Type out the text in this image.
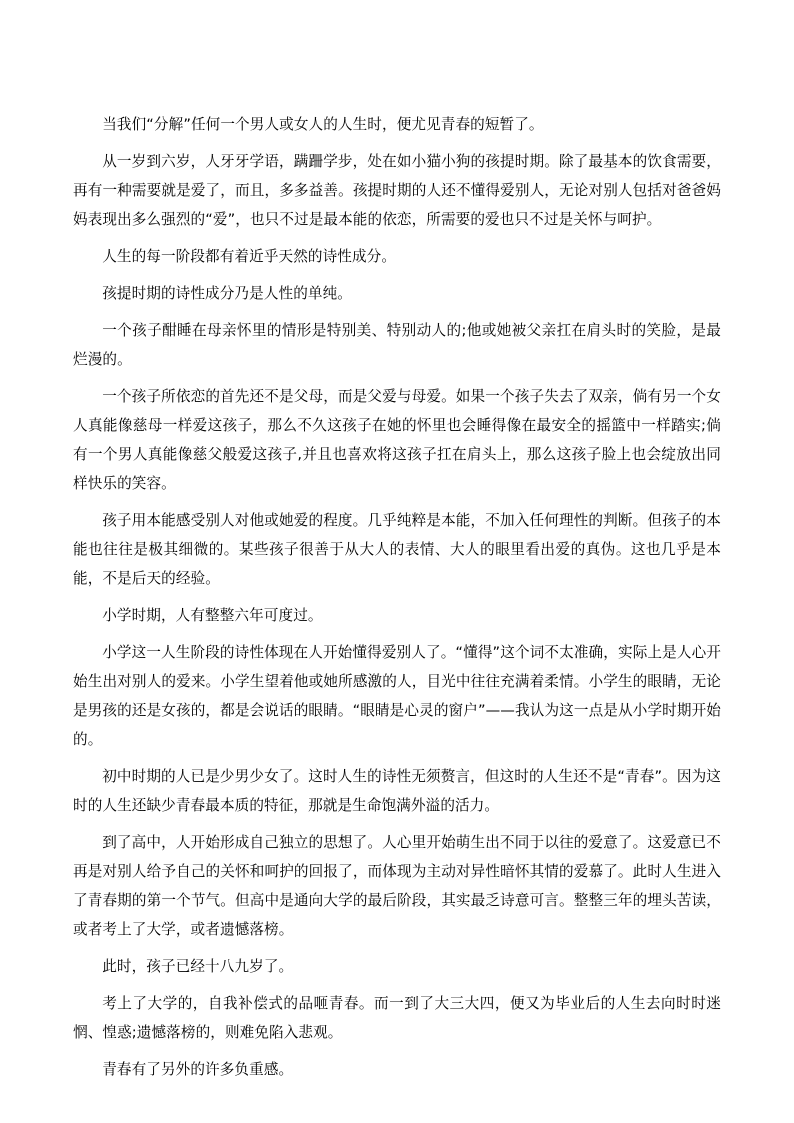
当我们“分解”任何一个男人或女人的人生时，便尤见青春的短暂了。

从一岁到六岁，人牙牙学语，蹒跚学步，处在如小猫小狗的孩提时期。除了最基本的饮食需要，再有一种需要就是爱了，而且，多多益善。孩提时期的人还不懂得爱别人，无论对别人包括对爸爸妈妈表现出多么强烈的“爱”，也只不过是最本能的依恋，所需要的爱也只不过是关怀与呵护。

人生的每一阶段都有着近乎天然的诗性成分。

孩提时期的诗性成分乃是人性的单纯。

一个孩子酣睡在母亲怀里的情形是特别美、特别动人的;他或她被父亲扛在肩头时的笑脸，是最烂漫的。

一个孩子所依恋的首先还不是父母，而是父爱与母爱。如果一个孩子失去了双亲，倘有另一个女人真能像慈母一样爱这孩子，那么不久这孩子在她的怀里也会睡得像在最安全的摇篮中一样踏实;倘有一个男人真能像慈父般爱这孩子,并且也喜欢将这孩子扛在肩头上，那么这孩子脸上也会绽放出同样快乐的笑容。

孩子用本能感受别人对他或她爱的程度。几乎纯粹是本能，不加入任何理性的判断。但孩子的本能也往往是极其细微的。某些孩子很善于从大人的表情、大人的眼里看出爱的真伪。这也几乎是本能，不是后天的经验。

小学时期，人有整整六年可度过。

小学这一人生阶段的诗性体现在人开始懂得爱别人了。“懂得”这个词不太准确，实际上是人心开始生出对别人的爱来。小学生望着他或她所感激的人，目光中往往充满着柔情。小学生的眼睛，无论是男孩的还是女孩的，都是会说话的眼睛。“眼睛是心灵的窗户”——我认为这一点是从小学时期开始的。

初中时期的人已是少男少女了。这时人生的诗性无须赘言，但这时的人生还不是“青春”。因为这时的人生还缺少青春最本质的特征，那就是生命饱满外溢的活力。

到了高中，人开始形成自己独立的思想了。人心里开始萌生出不同于以往的爱意了。这爱意已不再是对别人给予自己的关怀和呵护的回报了，而体现为主动对异性暗怀其情的爱慕了。此时人生进入了青春期的第一个节气。但高中是通向大学的最后阶段，其实最乏诗意可言。整整三年的埋头苦读，或者考上了大学，或者遗憾落榜。

此时，孩子已经十八九岁了。

考上了大学的，自我补偿式的品咂青春。而一到了大三大四，便又为毕业后的人生去向时时迷惘、惶惑;遗憾落榜的，则难免陷入悲观。

青春有了另外的许多负重感。
